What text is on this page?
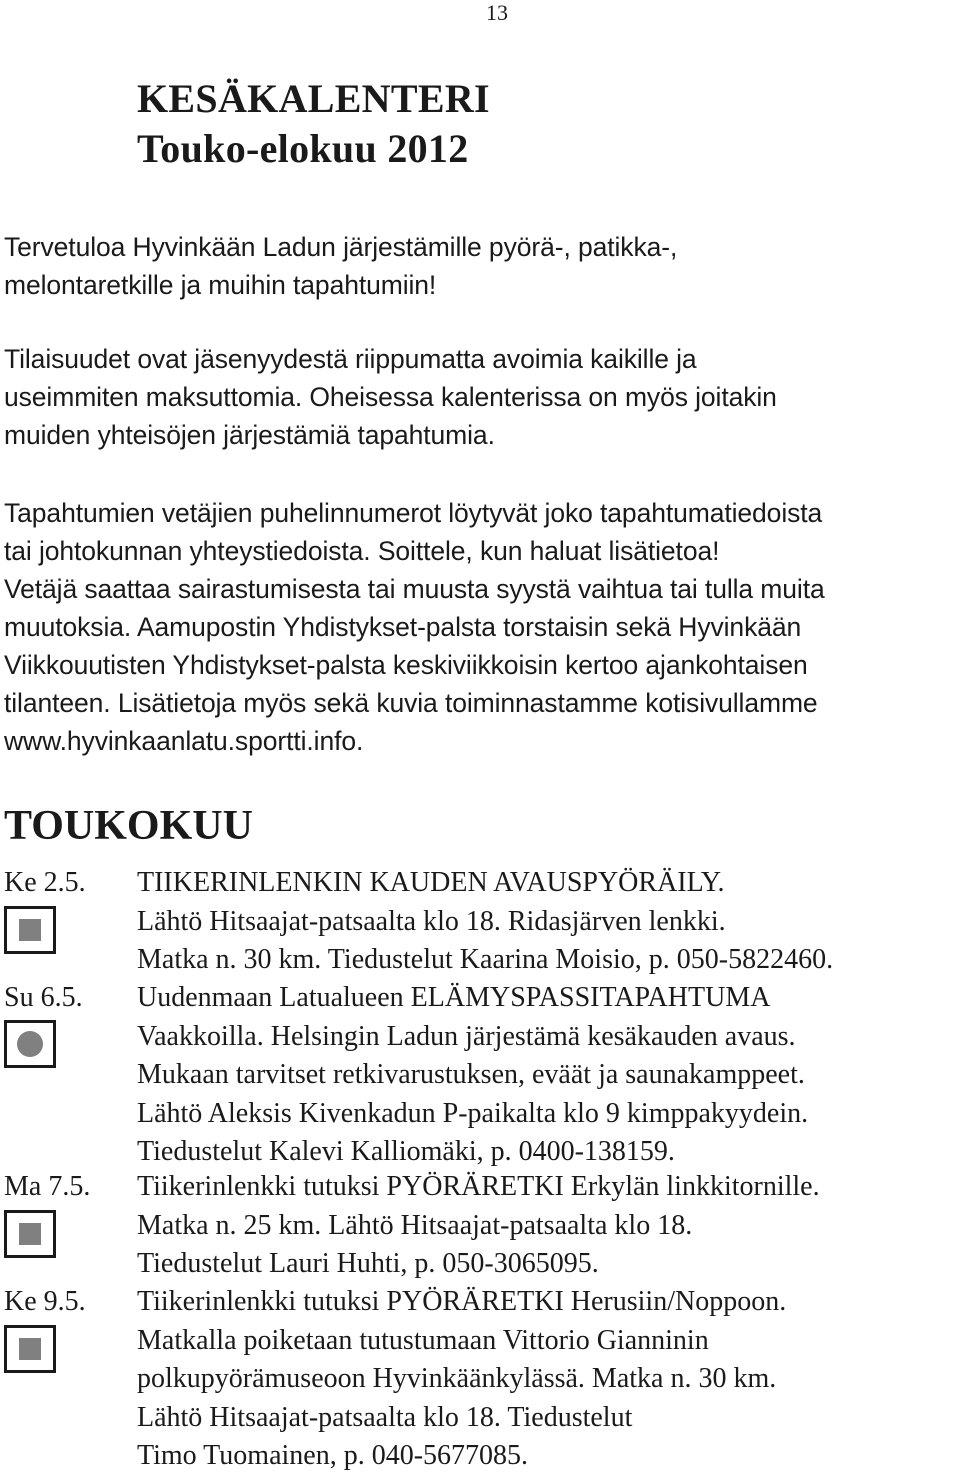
13
KESÄKALENTERI
Touko-elokuu 2012
Tervetuloa Hyvinkään Ladun järjestämille pyörä-, patikka-,
melontaretkille ja muihin tapahtumiin!
Tilaisuudet ovat jäsenyydestä riippumatta avoimia kaikille ja
useimmiten maksuttomia. Oheisessa kalenterissa on myös joitakin
muiden yhteisöjen järjestämiä tapahtumia.
Tapahtumien vetäjien puhelinnumerot löytyvät joko tapahtumatiedoista
tai johtokunnan yhteystiedoista. Soittele, kun haluat lisätietoa!
Vetäjä saattaa sairastumisesta tai muusta syystä vaihtua tai tulla muita
muutoksia. Aamupostin Yhdistykset-palsta torstaisin sekä Hyvinkään
Viikkouutisten Yhdistykset-palsta keskiviikkoisin kertoo ajankohtaisen
tilanteen. Lisätietoja myös sekä kuvia toiminnastamme kotisivullamme
www.hyvinkaanlatu.sportti.info.
TOUKOKUU
Ke 2.5. TIIKERINLENKIN KAUDEN AVAUSPYÖRÄILY.
Lähtö Hitsaajat-patsaalta klo 18. Ridasjärven lenkki.
Matka n. 30 km. Tiedustelut Kaarina Moisio, p. 050-5822460.
Su 6.5. Uudenmaan Latualueen ELÄMYSPASSITAPAHTUMA
Vaakkoilla. Helsingin Ladun järjestämä kesäkauden avaus.
Mukaan tarvitset retkivarustuksen, eväät ja saunakamppeet.
Lähtö Aleksis Kivenkadun P-paikalta klo 9 kimppakyydein.
Tiedustelut Kalevi Kalliomäki, p. 0400-138159.
Ma 7.5. Tiikerinlenkki tutuksi PYÖRÄRETKI Erkylän linkkitornille.
Matka n. 25 km. Lähtö Hitsaajat-patsaalta klo 18.
Tiedustelut Lauri Huhti, p. 050-3065095.
Ke 9.5. Tiikerinlenkki tutuksi PYÖRÄRETKI Herusiin/Noppoon.
Matkalla poiketaan tutustumaan Vittorio Gianninin
polkupyörämuseoon Hyvinkäänkylässä. Matka n. 30 km.
Lähtö Hitsaajat-patsaalta klo 18. Tiedustelut
Timo Tuomainen, p. 040-5677085.
